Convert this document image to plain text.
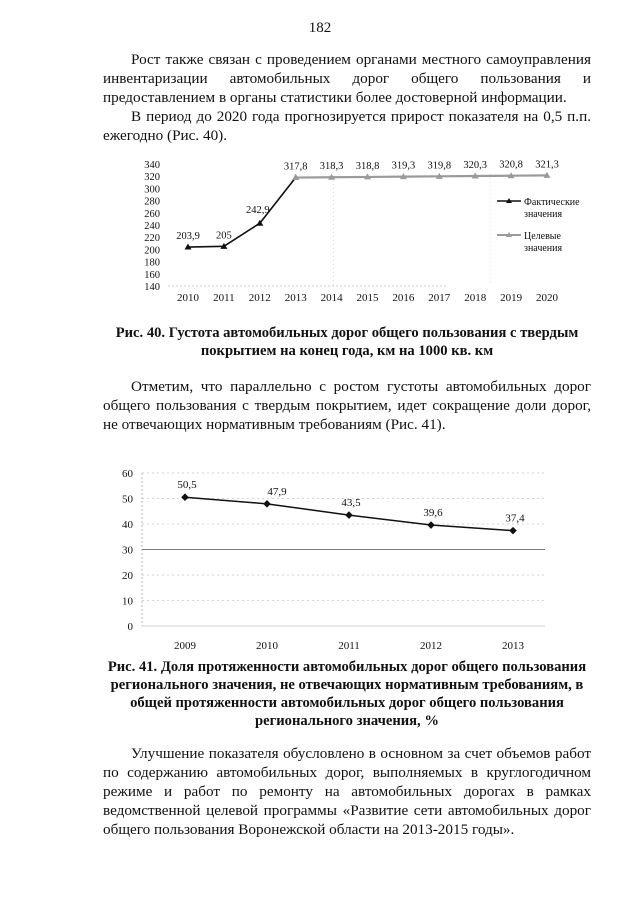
182

Рост также связан с проведением органами местного самоуправления инвентаризации автомобильных дорог общего пользования и предоставлением в органы статистики более достоверной информации.

В период до 2020 года прогнозируется прирост показателя на 0,5 п.п. ежегодно (Рис. 40).

140
160
180
200
220
240
260
280
300
320
340
2010 2011 2012 2013 2014 2015 2016 2017 2018 2019 2020
203,9 205
242,9
317,8 318,3 318,8 319,3 319,8 320,3 320,8 321,3
Фактические значения
Целевые значения

Рис. 40. Густота автомобильных дорог общего пользования с твердым покрытием на конец года, км на 1000 кв. км

Отметим, что параллельно с ростом густоты автомобильных дорог общего пользования с твердым покрытием, идет сокращение доли дорог, не отвечающих нормативным требованиям (Рис. 41).

0
10
20
30
40
50
60
2009	2010	2011	2012	2013
50,5
47,9
43,5
39,6	37,4

Рис. 41. Доля протяженности автомобильных дорог общего пользования регионального значения, не отвечающих нормативным требованиям, в общей протяженности автомобильных дорог общего пользования регионального значения, %

Улучшение показателя обусловлено в основном за счет объемов работ по содержанию автомобильных дорог, выполняемых в круглогодичном режиме и работ по ремонту на автомобильных дорогах в рамках ведомственной целевой программы «Развитие сети автомобильных дорог общего пользования Воронежской области на 2013-2015 годы».
